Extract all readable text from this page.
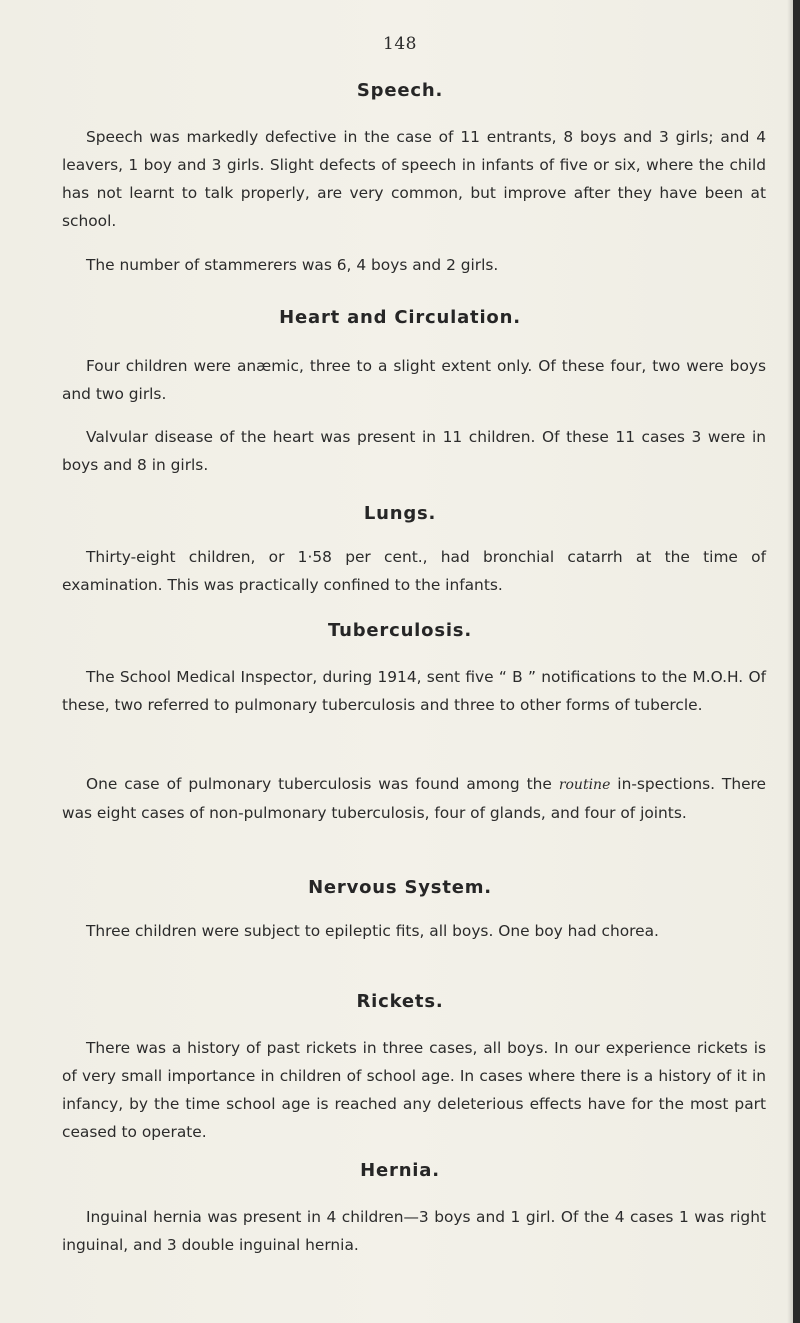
148
Speech.

Speech was markedly defective in the case of 11 entrants, 8 boys and 3 girls; and 4 leavers, 1 boy and 3 girls. Slight defects of speech in infants of five or six, where the child has not learnt to talk properly, are very common, but improve after they have been at school.

The number of stammerers was 6, 4 boys and 2 girls.

Heart and Circulation.

Four children were anæmic, three to a slight extent only. Of these four, two were boys and two girls.

Valvular disease of the heart was present in 11 children. Of these 11 cases 3 were in boys and 8 in girls.

Lungs.

Thirty-eight children, or 1·58 per cent., had bronchial catarrh at the time of examination. This was practically confined to the infants.

Tuberculosis.

The School Medical Inspector, during 1914, sent five “ B ” notifications to the M.O.H. Of these, two referred to pulmonary tuberculosis and three to other forms of tubercle.

One case of pulmonary tuberculosis was found among the routine in-spections. There was eight cases of non-pulmonary tuberculosis, four of glands, and four of joints.

Nervous System.

Three children were subject to epileptic fits, all boys. One boy had chorea.

Rickets.

There was a history of past rickets in three cases, all boys. In our experience rickets is of very small importance in children of school age. In cases where there is a history of it in infancy, by the time school age is reached any deleterious effects have for the most part ceased to operate.

Hernia.

Inguinal hernia was present in 4 children—3 boys and 1 girl. Of the 4 cases 1 was right inguinal, and 3 double inguinal hernia.
